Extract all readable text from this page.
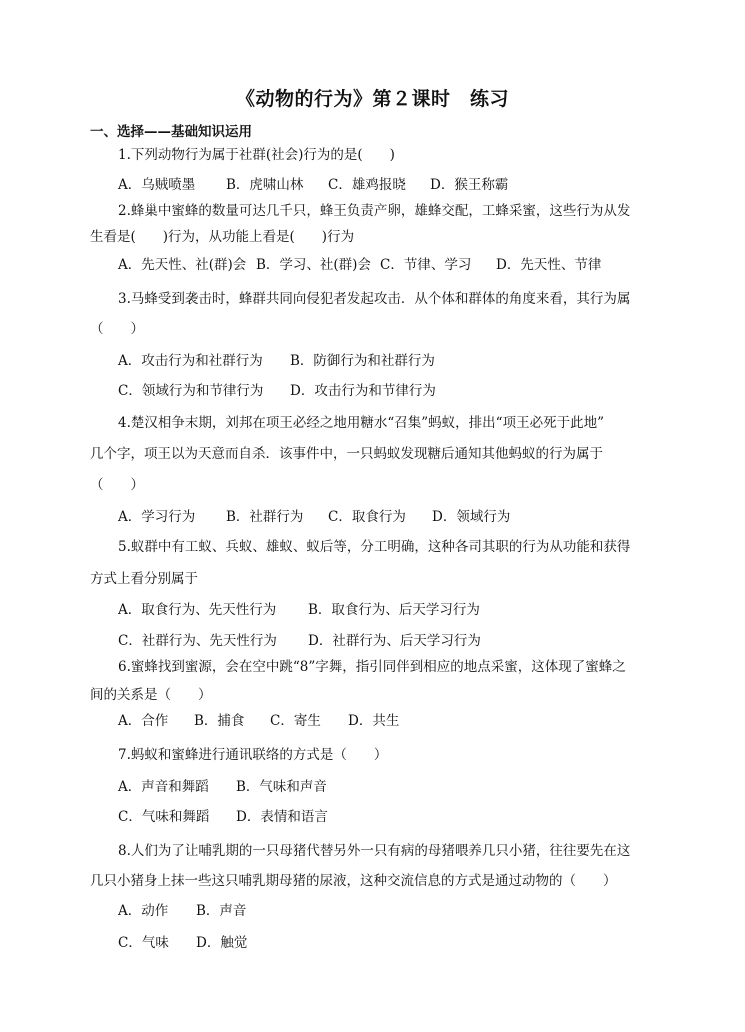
《动物的行为》第２课时　练习
一、选择——基础知识运用
1.下列动物行为属于社群(社会)行为的是(　　)
A．乌贼喷墨 B．虎啸山林 C．雄鸡报晓 D．猴王称霸
2.蜂巢中蜜蜂的数量可达几千只，蜂王负责产卵，雄蜂交配，工蜂采蜜，这些行为从发
生看是(　　)行为，从功能上看是(　　)行为
A．先天性、社(群)会 B．学习、社(群)会 C．节律、学习 D．先天性、节律
3.马蜂受到袭击时，蜂群共同向侵犯者发起攻击．从个体和群体的角度来看，其行为属
（　　）
A．攻击行为和社群行为 B．防御行为和社群行为
C．领域行为和节律行为 D．攻击行为和节律行为
4.楚汉相争末期，刘邦在项王必经之地用糖水“召集”蚂蚁，排出“项王必死于此地”
几个字，项王以为天意而自杀．该事件中，一只蚂蚁发现糖后通知其他蚂蚁的行为属于
（　　）
A．学习行为 B．社群行为 C．取食行为 D．领域行为
5.蚁群中有工蚁、兵蚁、雄蚁、蚁后等，分工明确，这种各司其职的行为从功能和获得
方式上看分别属于
A．取食行为、先天性行为 B．取食行为、后天学习行为
C．社群行为、先天性行为 D．社群行为、后天学习行为
6.蜜蜂找到蜜源，会在空中跳“8”字舞，指引同伴到相应的地点采蜜，这体现了蜜蜂之
间的关系是（　　）
A．合作 B．捕食 C．寄生 D．共生
7.蚂蚁和蜜蜂进行通讯联络的方式是（　　）
A．声音和舞蹈 B．气味和声音
C．气味和舞蹈 D．表情和语言
8.人们为了让哺乳期的一只母猪代替另外一只有病的母猪喂养几只小猪，往往要先在这
几只小猪身上抹一些这只哺乳期母猪的尿液，这种交流信息的方式是通过动物的（　　）
A．动作 B．声音
C．气味 D．触觉
